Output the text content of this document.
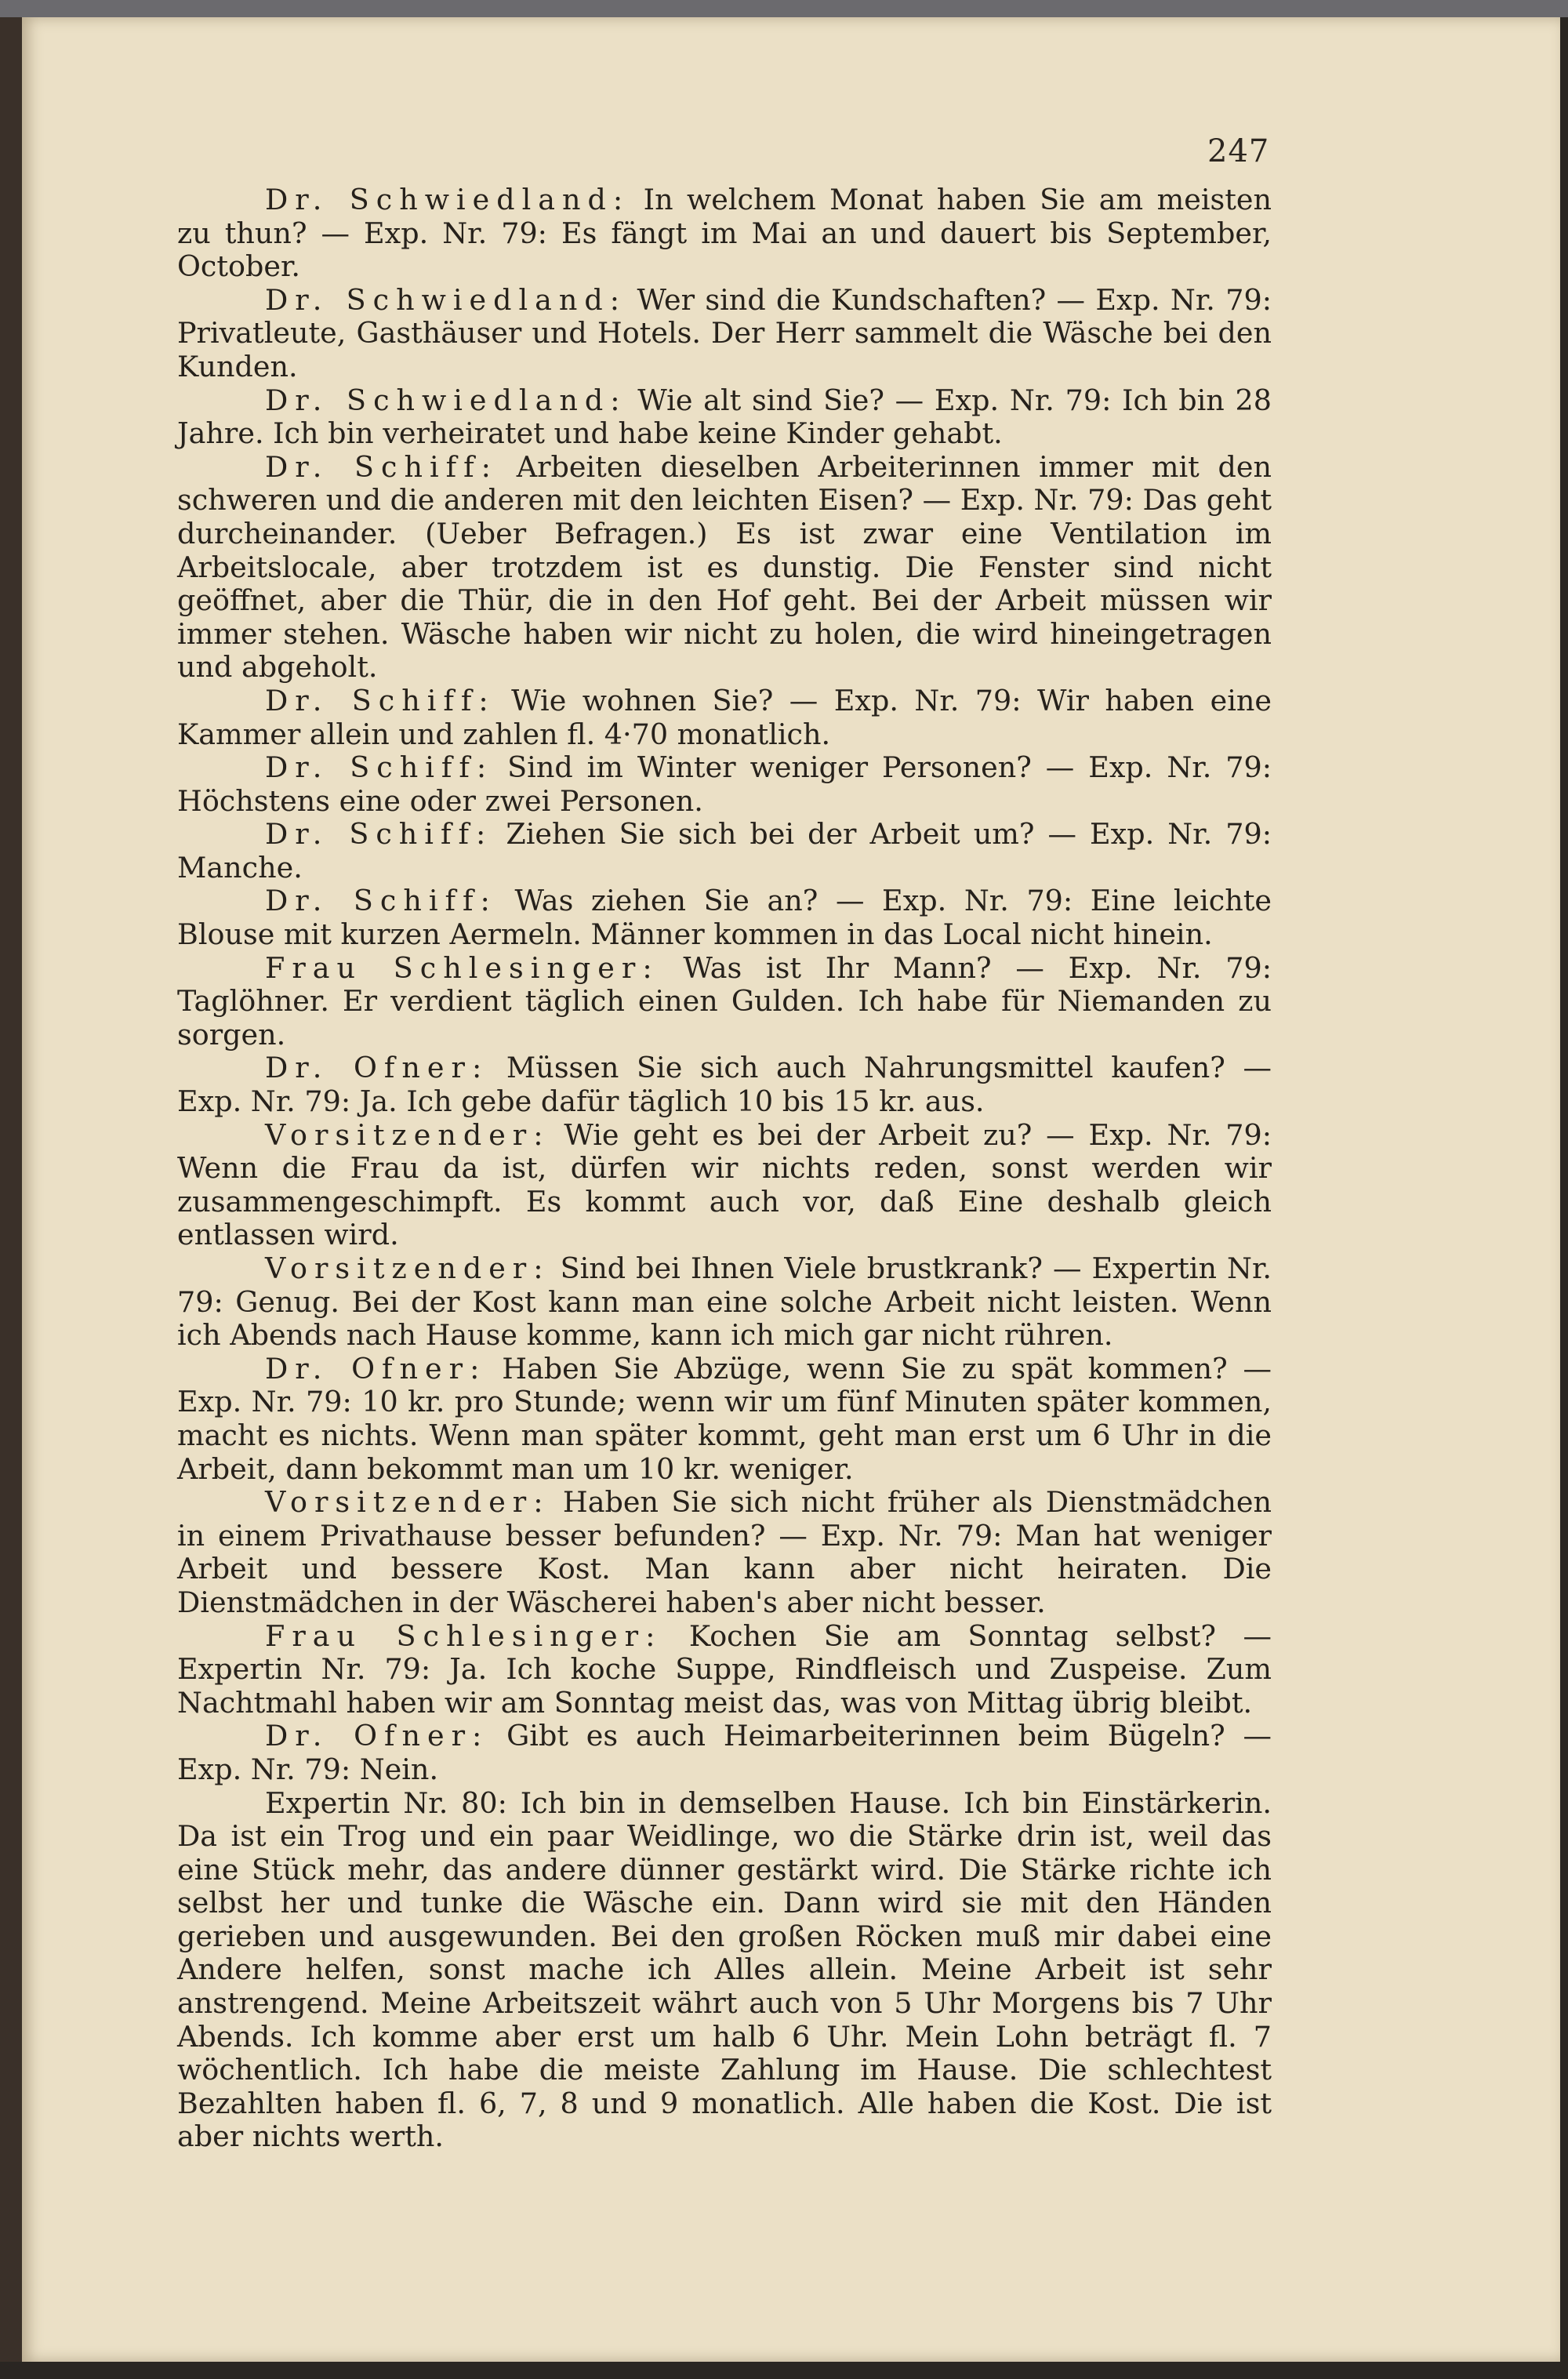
247

Dr. Schwiedland: In welchem Monat haben Sie am meisten zu thun? — Exp. Nr. 79: Es fängt im Mai an und dauert bis September, October.

Dr. Schwiedland: Wer sind die Kundschaften? — Exp. Nr. 79: Privatleute, Gasthäuser und Hotels. Der Herr sammelt die Wäsche bei den Kunden.

Dr. Schwiedland: Wie alt sind Sie? — Exp. Nr. 79: Ich bin 28 Jahre. Ich bin verheiratet und habe keine Kinder gehabt.

Dr. Schiff: Arbeiten dieselben Arbeiterinnen immer mit den schweren und die anderen mit den leichten Eisen? — Exp. Nr. 79: Das geht durcheinander. (Ueber Befragen.) Es ist zwar eine Ventilation im Arbeitslocale, aber trotzdem ist es dunstig. Die Fenster sind nicht geöffnet, aber die Thür, die in den Hof geht. Bei der Arbeit müssen wir immer stehen. Wäsche haben wir nicht zu holen, die wird hineingetragen und abgeholt.

Dr. Schiff: Wie wohnen Sie? — Exp. Nr. 79: Wir haben eine Kammer allein und zahlen fl. 4·70 monatlich.

Dr. Schiff: Sind im Winter weniger Personen? — Exp. Nr. 79: Höchstens eine oder zwei Personen.

Dr. Schiff: Ziehen Sie sich bei der Arbeit um? — Exp. Nr. 79: Manche.

Dr. Schiff: Was ziehen Sie an? — Exp. Nr. 79: Eine leichte Blouse mit kurzen Aermeln. Männer kommen in das Local nicht hinein.

Frau Schlesinger: Was ist Ihr Mann? — Exp. Nr. 79: Taglöhner. Er verdient täglich einen Gulden. Ich habe für Niemanden zu sorgen.

Dr. Ofner: Müssen Sie sich auch Nahrungsmittel kaufen? — Exp. Nr. 79: Ja. Ich gebe dafür täglich 10 bis 15 kr. aus.

Vorsitzender: Wie geht es bei der Arbeit zu? — Exp. Nr. 79: Wenn die Frau da ist, dürfen wir nichts reden, sonst werden wir zusammengeschimpft. Es kommt auch vor, daß Eine deshalb gleich entlassen wird.

Vorsitzender: Sind bei Ihnen Viele brustkrank? — Expertin Nr. 79: Genug. Bei der Kost kann man eine solche Arbeit nicht leisten. Wenn ich Abends nach Hause komme, kann ich mich gar nicht rühren.

Dr. Ofner: Haben Sie Abzüge, wenn Sie zu spät kommen? — Exp. Nr. 79: 10 kr. pro Stunde; wenn wir um fünf Minuten später kommen, macht es nichts. Wenn man später kommt, geht man erst um 6 Uhr in die Arbeit, dann bekommt man um 10 kr. weniger.

Vorsitzender: Haben Sie sich nicht früher als Dienstmädchen in einem Privathause besser befunden? — Exp. Nr. 79: Man hat weniger Arbeit und bessere Kost. Man kann aber nicht heiraten. Die Dienstmädchen in der Wäscherei haben's aber nicht besser.

Frau Schlesinger: Kochen Sie am Sonntag selbst? — Expertin Nr. 79: Ja. Ich koche Suppe, Rindfleisch und Zuspeise. Zum Nachtmahl haben wir am Sonntag meist das, was von Mittag übrig bleibt.

Dr. Ofner: Gibt es auch Heimarbeiterinnen beim Bügeln? — Exp. Nr. 79: Nein.

Expertin Nr. 80: Ich bin in demselben Hause. Ich bin Einstärkerin. Da ist ein Trog und ein paar Weidlinge, wo die Stärke drin ist, weil das eine Stück mehr, das andere dünner gestärkt wird. Die Stärke richte ich selbst her und tunke die Wäsche ein. Dann wird sie mit den Händen gerieben und ausgewunden. Bei den großen Röcken muß mir dabei eine Andere helfen, sonst mache ich Alles allein. Meine Arbeit ist sehr anstrengend. Meine Arbeitszeit währt auch von 5 Uhr Morgens bis 7 Uhr Abends. Ich komme aber erst um halb 6 Uhr. Mein Lohn beträgt fl. 7 wöchentlich. Ich habe die meiste Zahlung im Hause. Die schlechtest Bezahlten haben fl. 6, 7, 8 und 9 monatlich. Alle haben die Kost. Die ist aber nichts werth.
